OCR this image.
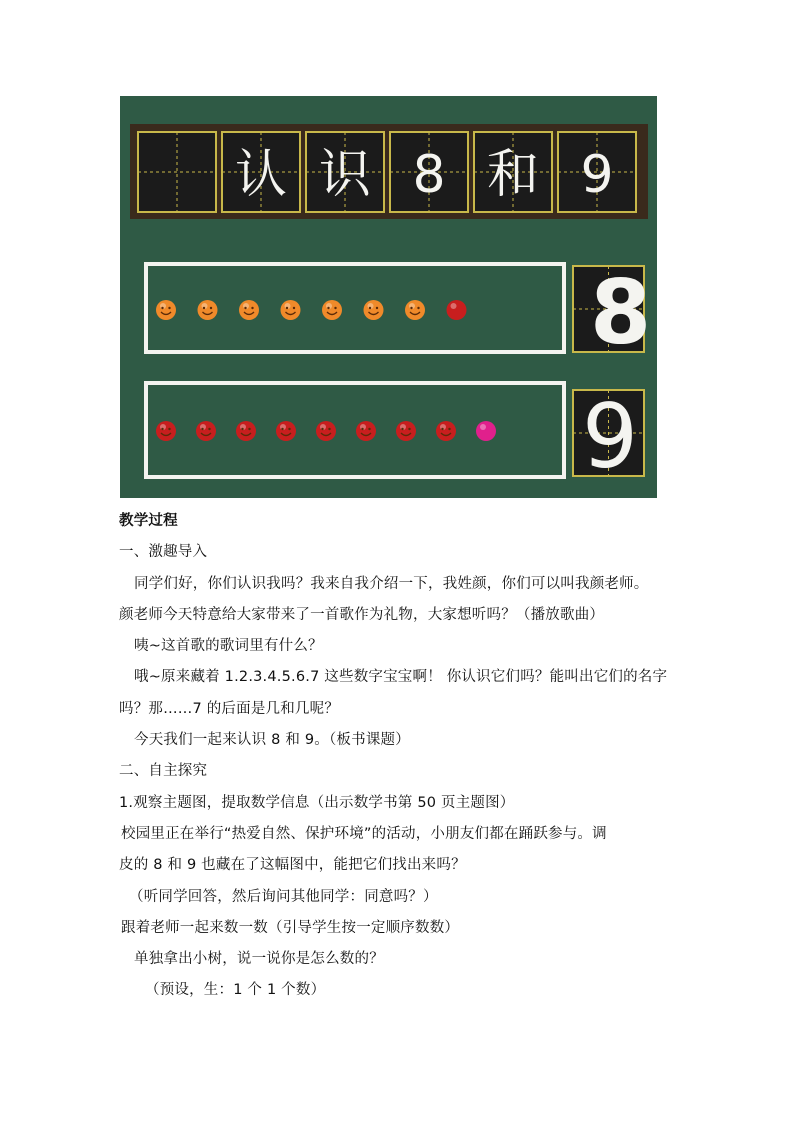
认 识 8 和 9
8
9
教学过程
一、激趣导入
同学们好，你们认识我吗？我来自我介绍一下，我姓颜，你们可以叫我颜老师。
颜老师今天特意给大家带来了一首歌作为礼物，大家想听吗？（播放歌曲）
咦~这首歌的歌词里有什么？
哦~原来藏着 1.2.3.4.5.6.7 这些数字宝宝啊！ 你认识它们吗？能叫出它们的名字
吗？那……7 的后面是几和几呢？
今天我们一起来认识 8 和 9。（板书课题）
二、自主探究
1.观察主题图，提取数学信息（出示数学书第 50 页主题图）
校园里正在举行“热爱自然、保护环境”的活动，小朋友们都在踊跃参与。调
皮的 8 和 9 也藏在了这幅图中，能把它们找出来吗？
（听同学回答，然后询问其他同学：同意吗？）
跟着老师一起来数一数（引导学生按一定顺序数数）
单独拿出小树，说一说你是怎么数的？
（预设，生：1 个 1 个数）
